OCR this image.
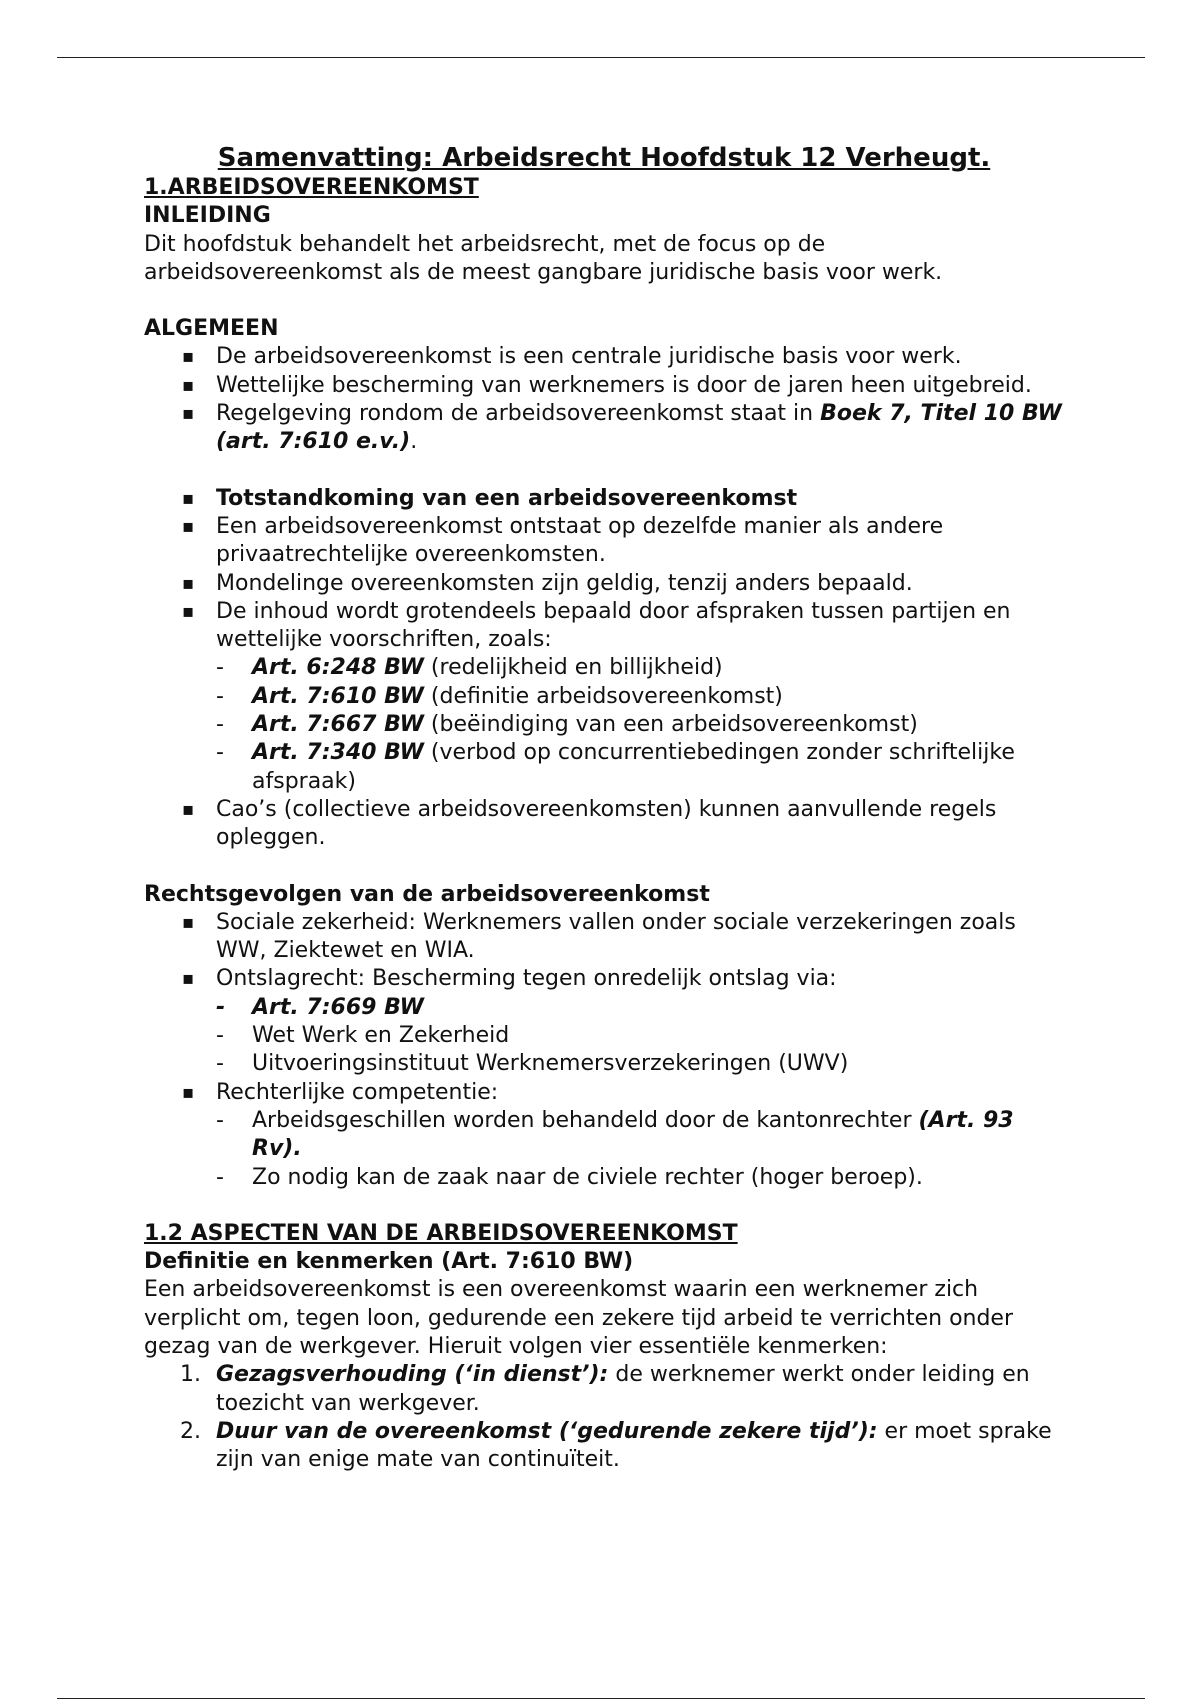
Samenvatting: Arbeidsrecht Hoofdstuk 12 Verheugt.

1.ARBEIDSOVEREENKOMST

INLEIDING

Dit hoofdstuk behandelt het arbeidsrecht, met de focus op de arbeidsovereenkomst als de meest gangbare juridische basis voor werk.

ALGEMEEN

▪ De arbeidsovereenkomst is een centrale juridische basis voor werk.
▪ Wettelijke bescherming van werknemers is door de jaren heen uitgebreid.
▪ Regelgeving rondom de arbeidsovereenkomst staat in Boek 7, Titel 10 BW (art. 7:610 e.v.).
▪ Totstandkoming van een arbeidsovereenkomst
▪ Een arbeidsovereenkomst ontstaat op dezelfde manier als andere privaatrechtelijke overeenkomsten.
▪ Mondelinge overeenkomsten zijn geldig, tenzij anders bepaald.
▪ De inhoud wordt grotendeels bepaald door afspraken tussen partijen en wettelijke voorschriften, zoals:
- Art. 6:248 BW (redelijkheid en billijkheid)
- Art. 7:610 BW (definitie arbeidsovereenkomst)
- Art. 7:667 BW (beëindiging van een arbeidsovereenkomst)
- Art. 7:340 BW (verbod op concurrentiebedingen zonder schriftelijke afspraak)
▪ Cao’s (collectieve arbeidsovereenkomsten) kunnen aanvullende regels opleggen.

Rechtsgevolgen van de arbeidsovereenkomst

▪ Sociale zekerheid: Werknemers vallen onder sociale verzekeringen zoals WW, Ziektewet en WIA.
▪ Ontslagrecht: Bescherming tegen onredelijk ontslag via:
- Art. 7:669 BW
- Wet Werk en Zekerheid
- Uitvoeringsinstituut Werknemersverzekeringen (UWV)
▪ Rechterlijke competentie:
- Arbeidsgeschillen worden behandeld door de kantonrechter (Art. 93 Rv).
- Zo nodig kan de zaak naar de civiele rechter (hoger beroep).

1.2 ASPECTEN VAN DE ARBEIDSOVEREENKOMST

Definitie en kenmerken (Art. 7:610 BW)

Een arbeidsovereenkomst is een overeenkomst waarin een werknemer zich verplicht om, tegen loon, gedurende een zekere tijd arbeid te verrichten onder gezag van de werkgever. Hieruit volgen vier essentiële kenmerken:

1. Gezagsverhouding (‘in dienst’): de werknemer werkt onder leiding en toezicht van werkgever.
2. Duur van de overeenkomst (‘gedurende zekere tijd’): er moet sprake zijn van enige mate van continuïteit.
